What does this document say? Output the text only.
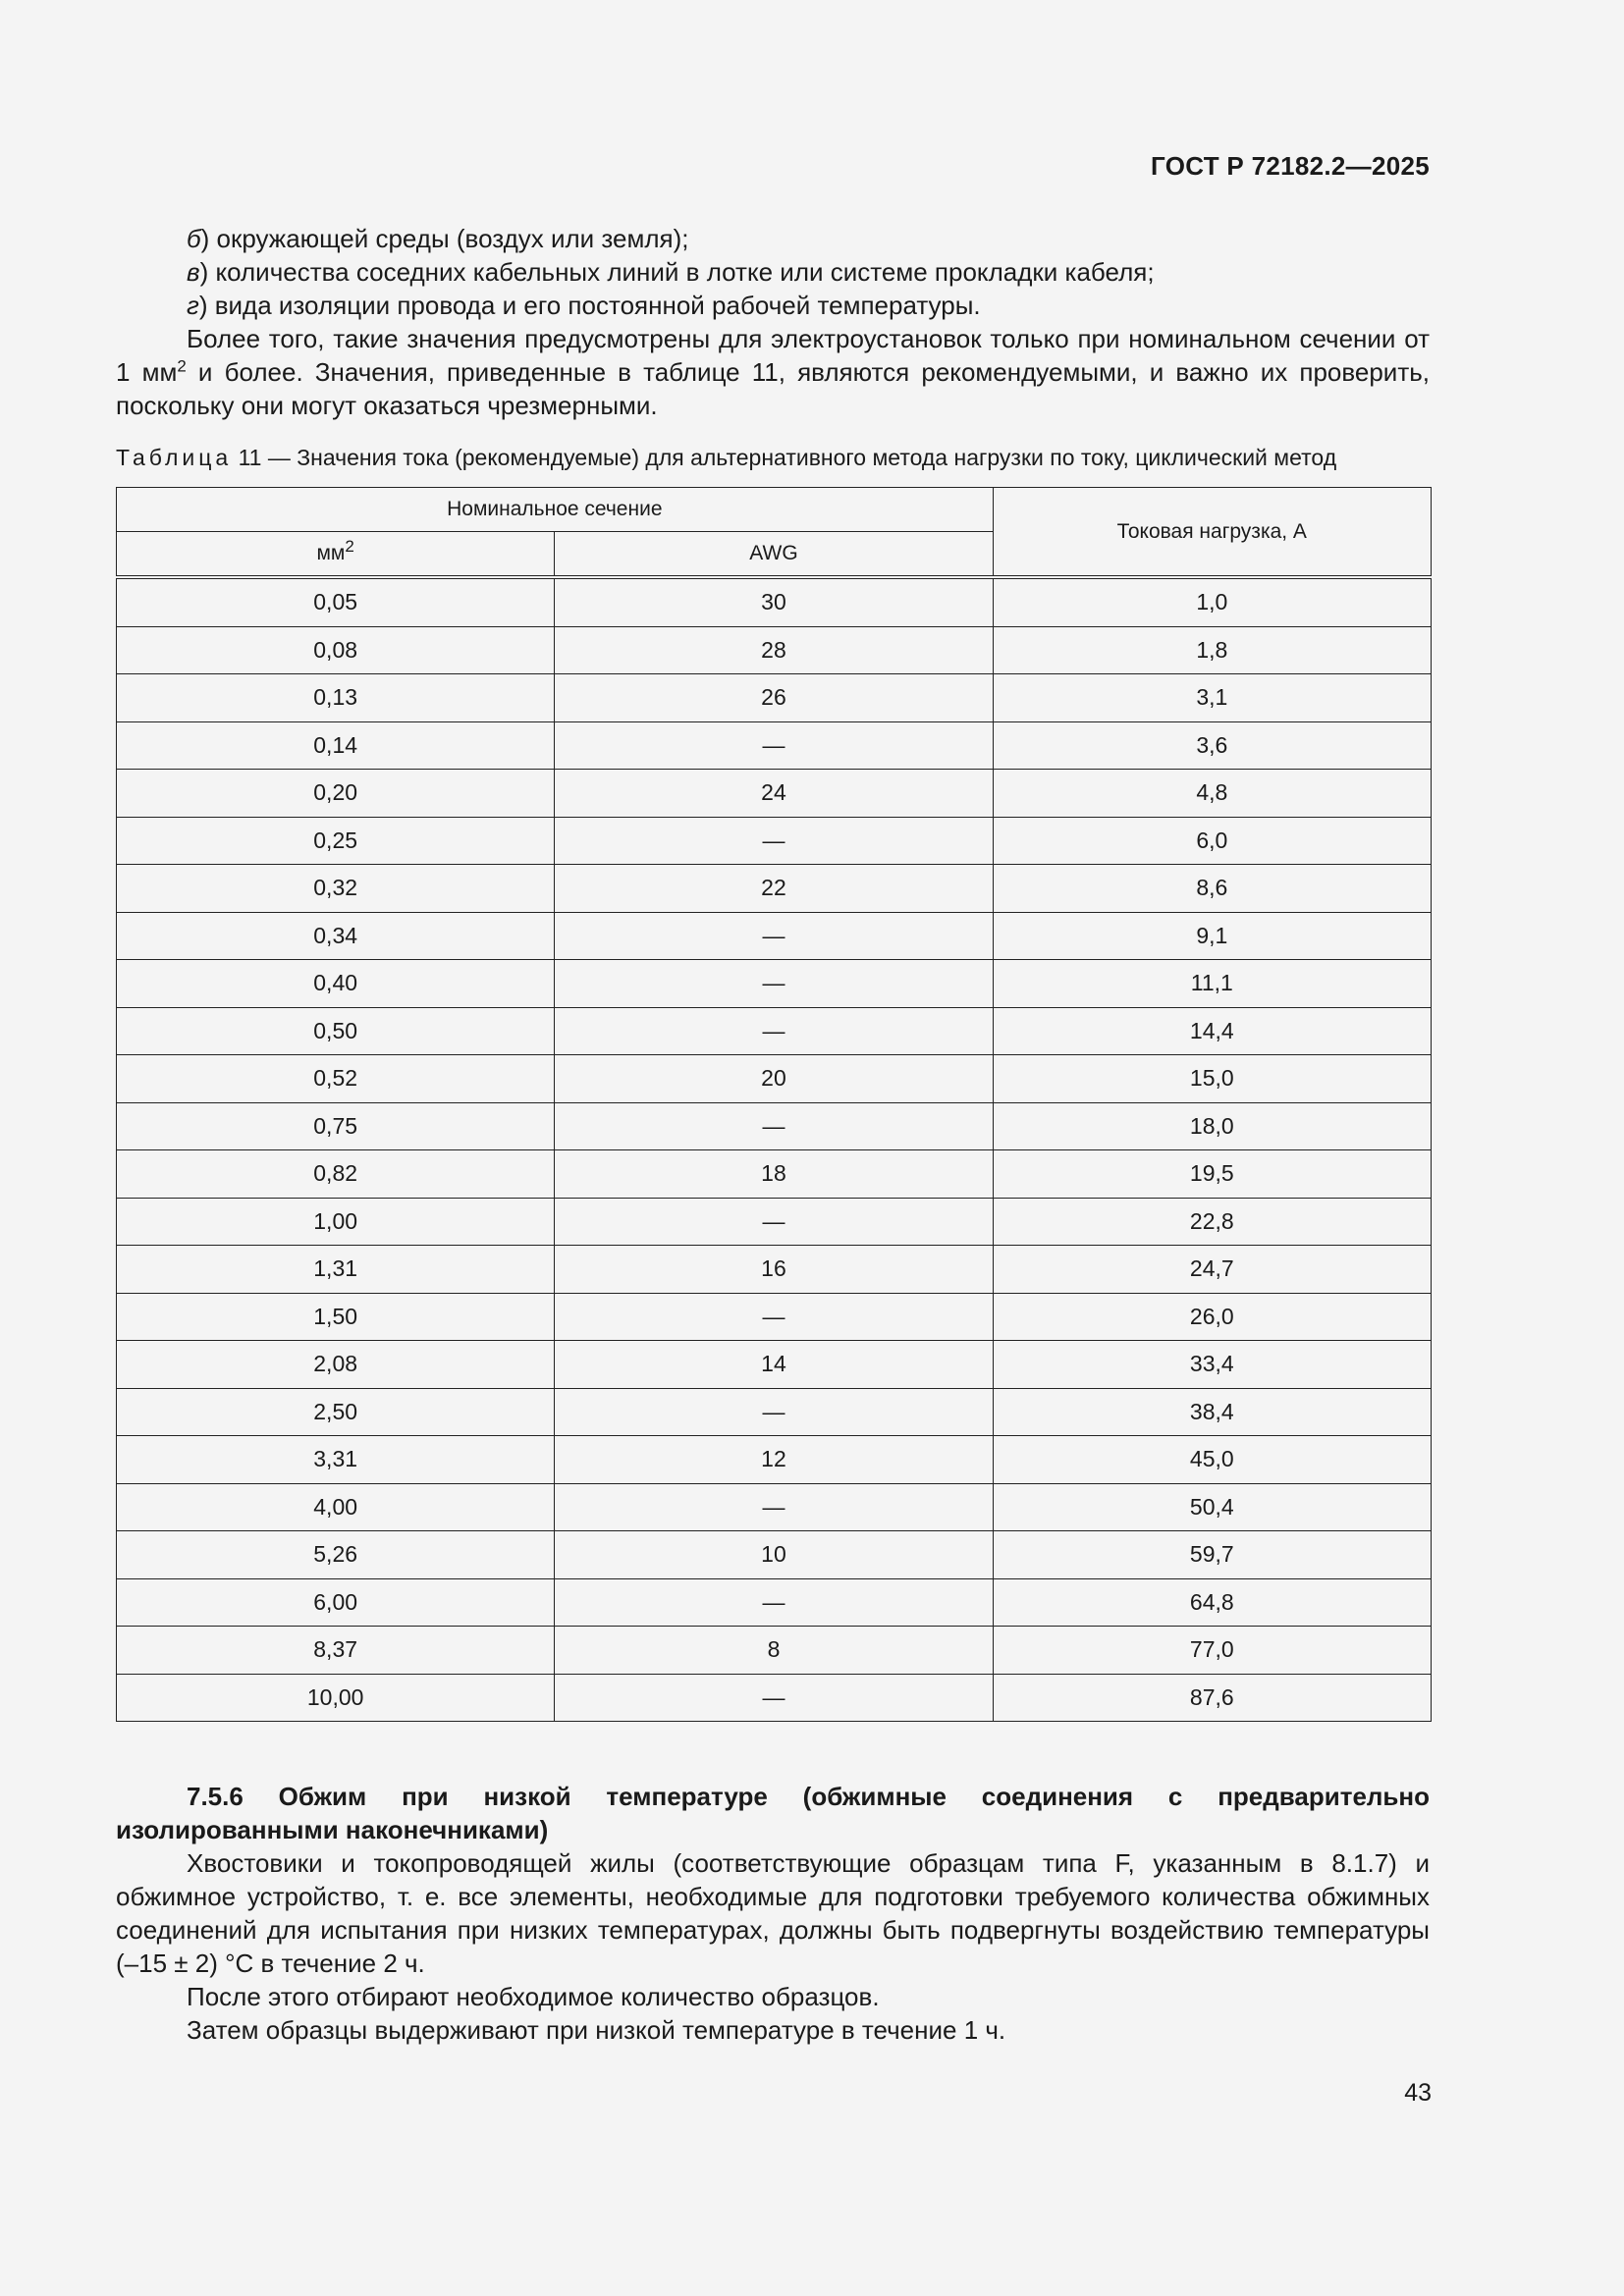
ГОСТ Р 72182.2—2025

б) окружающей среды (воздух или земля);

в) количества соседних кабельных линий в лотке или системе прокладки кабеля;

г) вида изоляции провода и его постоянной рабочей температуры.

Более того, такие значения предусмотрены для электроустановок только при номинальном сечении от 1 $мм^2$ и более. Значения, приведенные в таблице 11, являются рекомендуемыми, и важно их проверить, поскольку они могут оказаться чрезмерными.

Таблица 11 — Значения тока (рекомендуемые) для альтернативного метода нагрузки по току, циклический метод
Номинальное сечение		Токовая нагрузка, А
$мм^2$	AWG	
0,05	30	1,0
0,08	28	1,8
0,13	26	3,1
0,14	—	3,6
0,20	24	4,8
0,25	—	6,0
0,32	22	8,6
0,34	—	9,1
0,40	—	11,1
0,50	—	14,4
0,52	20	15,0
0,75	—	18,0
0,82	18	19,5
1,00	—	22,8
1,31	16	24,7
1,50	—	26,0
2,08	14	33,4
2,50	—	38,4
3,31	12	45,0
4,00	—	50,4
5,26	10	59,7
6,00	—	64,8
8,37	8	77,0
10,00	—	87,6

7.5.6 Обжим при низкой температуре (обжимные соединения с предварительно изолированными наконечниками)

Хвостовики и токопроводящей жилы (соответствующие образцам типа F, указанным в 8.1.7) и обжимное устройство, т. е. все элементы, необходимые для подготовки требуемого количества обжимных соединений для испытания при низких температурах, должны быть подвергнуты воздействию температуры (–15 ± 2) °С в течение 2 ч.

После этого отбирают необходимое количество образцов.

Затем образцы выдерживают при низкой температуре в течение 1 ч.

43
